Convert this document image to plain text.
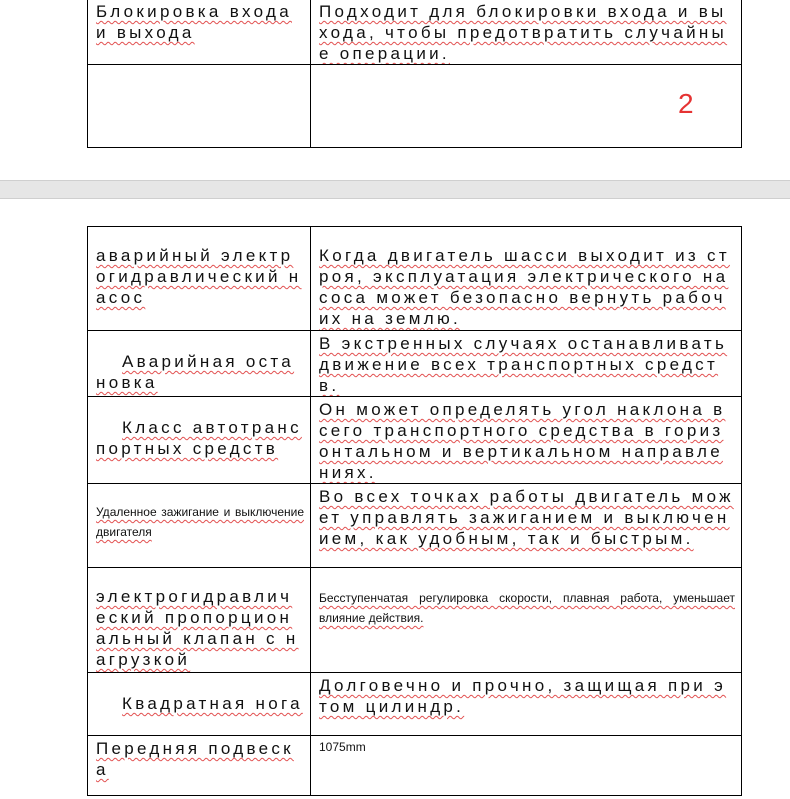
Блокировка входа и выхода	Подходит для блокировки входа и выхода, чтобы предотвратить случайные операции.

2
аварийный электрогидравлический насос	Когда двигатель шасси выходит из строя, эксплуатация электрического насоса может безопасно вернуть рабочих на землю.

Аварийная остановка	В экстренных случаях останавливать движение всех транспортных средств.

Класс автотранспортных средств	Он может определять угол наклона всего транспортного средства в горизонтальном и вертикальном направлениях.

Удаленное зажигание и выключение двигателя	Во всех точках работы двигатель может управлять зажиганием и выключением, как удобным, так и быстрым.

электрогидравлический пропорциональный клапан с нагрузкой	Бесступенчатая регулировка скорости, плавная работа, уменьшает влияние действия.

Квадратная нога	Долговечно и прочно, защищая при этом цилиндр.

Передняя подвеска	1075mm
